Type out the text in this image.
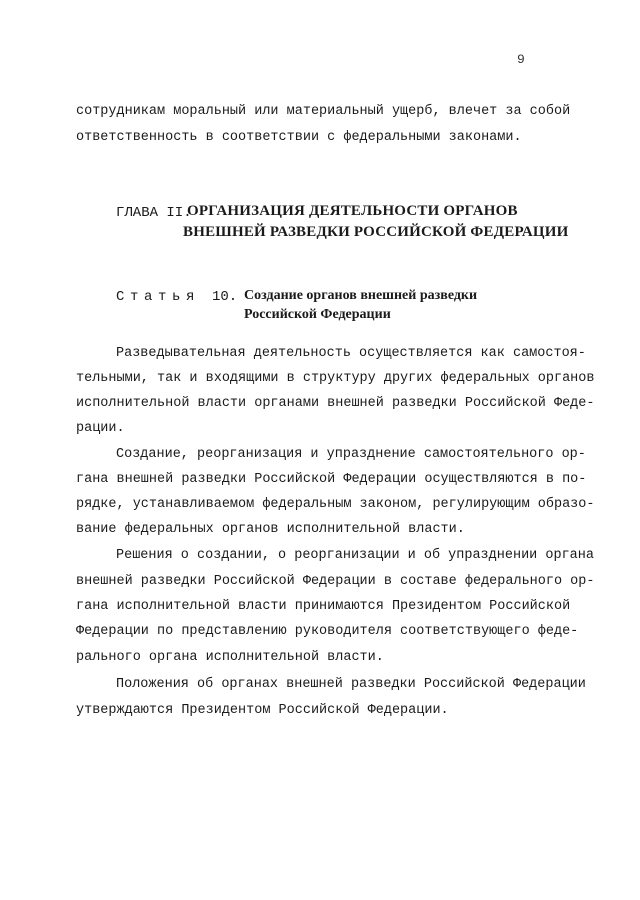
9
сотрудникам моральный или материальный ущерб, влечет за собой
ответственность в соответствии с федеральными законами.
ГЛАВА II.
ОРГАНИЗАЦИЯ ДЕЯТЕЛЬНОСТИ ОРГАНОВ
ВНЕШНЕЙ РАЗВЕДКИ РОССИЙСКОЙ ФЕДЕРАЦИИ
Статья 10. Создание органов внешней разведки
Российской Федерации
Разведывательная деятельность осуществляется как самостоя-
тельными, так и входящими в структуру других федеральных органов
исполнительной власти органами внешней разведки Российской Феде-
рации.
Создание, реорганизация и упразднение самостоятельного ор-
гана внешней разведки Российской Федерации осуществляются в по-
рядке, устанавливаемом федеральным законом, регулирующим образо-
вание федеральных органов исполнительной власти.
Решения о создании, о реорганизации и об упразднении органа
внешней разведки Российской Федерации в составе федерального ор-
гана исполнительной власти принимаются Президентом Российской
Федерации по представлению руководителя соответствующего феде-
рального органа исполнительной власти.
Положения об органах внешней разведки Российской Федерации
утверждаются Президентом Российской Федерации.
